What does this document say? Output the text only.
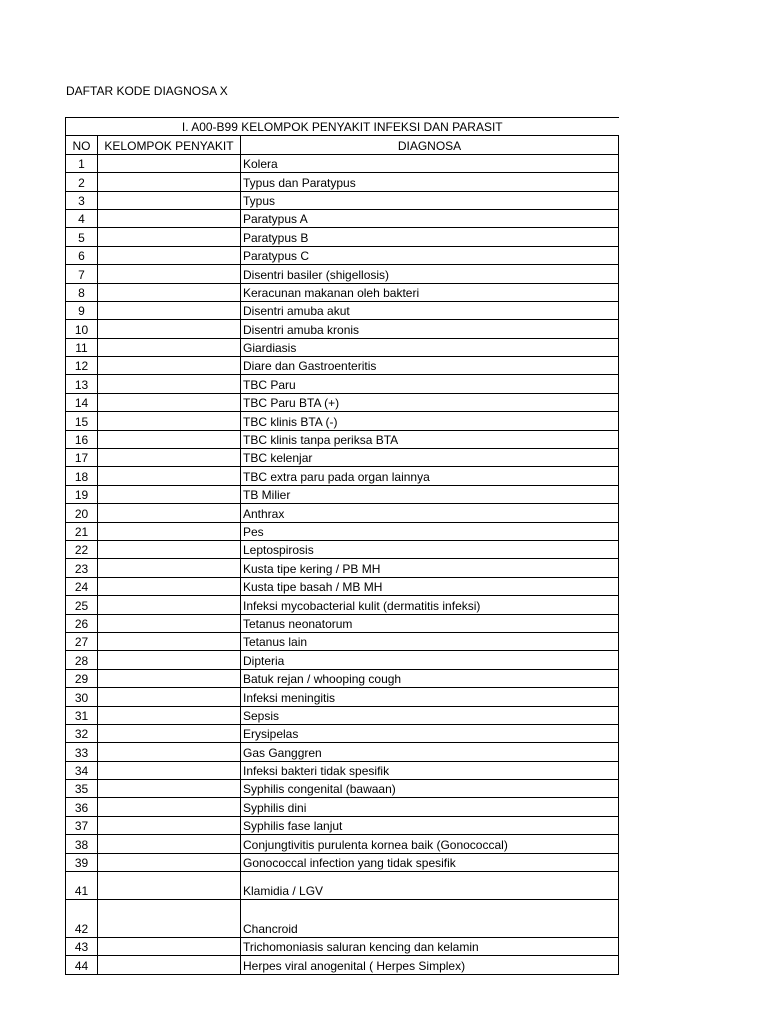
DAFTAR KODE DIAGNOSA X
I. A00-B99 KELOMPOK PENYAKIT INFEKSI DAN PARASIT		
NO	KELOMPOK PENYAKIT	DIAGNOSA
1		Kolera
2		Typus dan Paratypus
3		Typus
4		Paratypus A
5		Paratypus B
6		Paratypus C
7		Disentri basiler (shigellosis)
8		Keracunan makanan oleh bakteri
9		Disentri amuba akut
10		Disentri amuba kronis
11		Giardiasis
12		Diare dan Gastroenteritis
13		TBC Paru
14		TBC Paru BTA (+)
15		TBC klinis BTA (-)
16		TBC klinis tanpa periksa BTA
17		TBC kelenjar
18		TBC extra paru pada organ lainnya
19		TB Milier
20		Anthrax
21		Pes
22		Leptospirosis
23		Kusta tipe kering / PB MH
24		Kusta tipe basah / MB MH
25		Infeksi mycobacterial kulit (dermatitis infeksi)
26		Tetanus neonatorum
27		Tetanus lain
28		Dipteria
29		Batuk rejan / whooping cough
30		Infeksi meningitis
31		Sepsis
32		Erysipelas
33		Gas Ganggren
34		Infeksi bakteri tidak spesifik
35		Syphilis congenital (bawaan)
36		Syphilis dini
37		Syphilis fase lanjut
38		Conjungtivitis purulenta kornea baik (Gonococcal)
39		Gonococcal infection yang tidak spesifik
41		Klamidia / LGV
42		Chancroid
43		Trichomoniasis saluran kencing dan kelamin
44		Herpes viral anogenital ( Herpes Simplex)
